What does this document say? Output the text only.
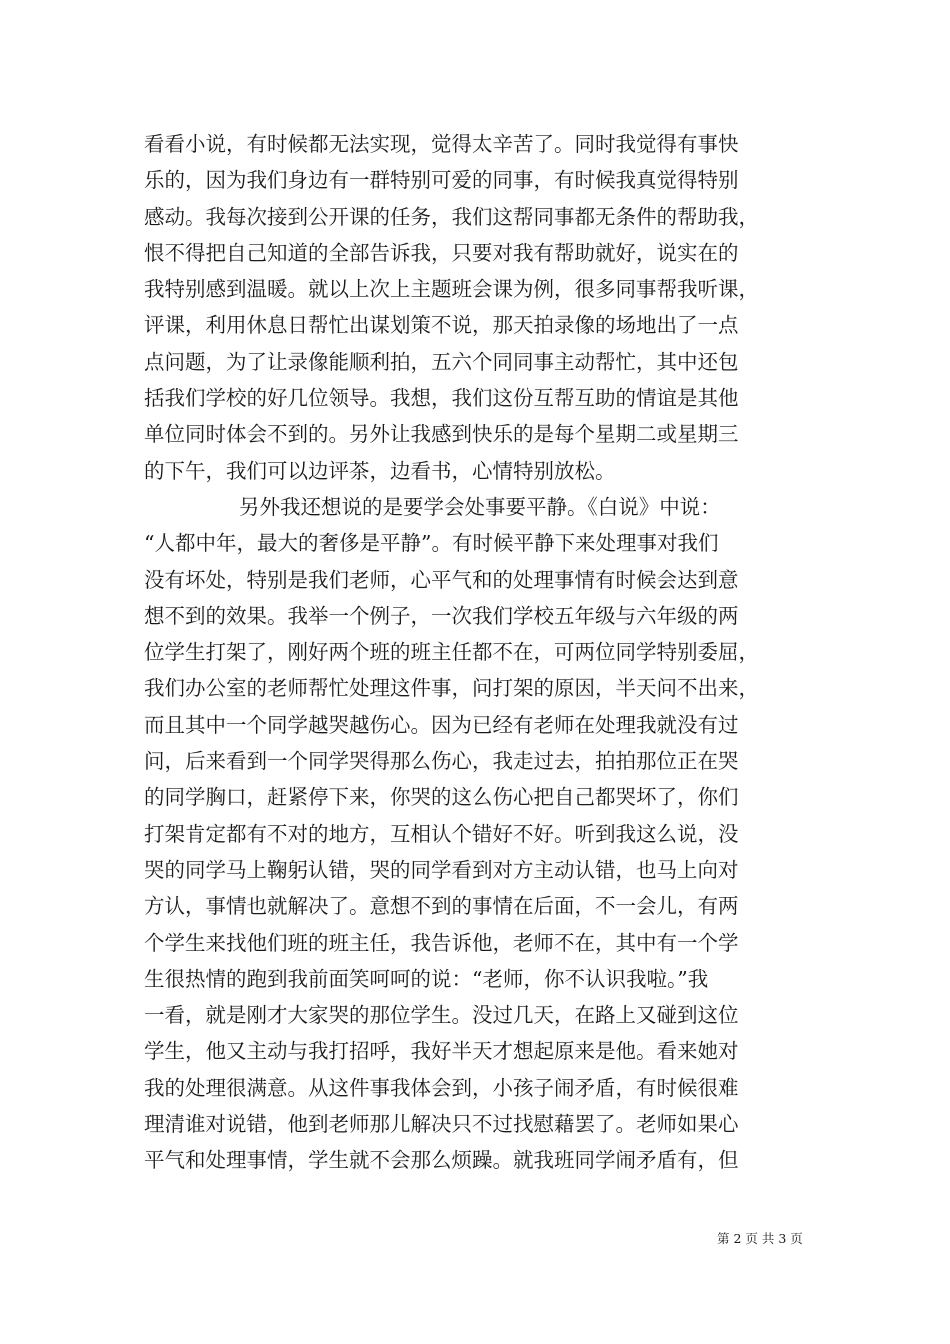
看看小说，有时候都无法实现，觉得太辛苦了。同时我觉得有事快
乐的，因为我们身边有一群特别可爱的同事，有时候我真觉得特别
感动。我每次接到公开课的任务，我们这帮同事都无条件的帮助我，
恨不得把自己知道的全部告诉我，只要对我有帮助就好，说实在的
我特别感到温暖。就以上次上主题班会课为例，很多同事帮我听课，
评课，利用休息日帮忙出谋划策不说，那天拍录像的场地出了一点
点问题，为了让录像能顺利拍，五六个同同事主动帮忙，其中还包
括我们学校的好几位领导。我想，我们这份互帮互助的情谊是其他
单位同时体会不到的。另外让我感到快乐的是每个星期二或星期三
的下午，我们可以边评茶，边看书，心情特别放松。
另外我还想说的是要学会处事要平静。《白说》中说：
“人都中年，最大的奢侈是平静”。有时候平静下来处理事对我们
没有坏处，特别是我们老师，心平气和的处理事情有时候会达到意
想不到的效果。我举一个例子，一次我们学校五年级与六年级的两
位学生打架了，刚好两个班的班主任都不在，可两位同学特别委屈，
我们办公室的老师帮忙处理这件事，问打架的原因，半天问不出来，
而且其中一个同学越哭越伤心。因为已经有老师在处理我就没有过
问，后来看到一个同学哭得那么伤心，我走过去，拍拍那位正在哭
的同学胸口，赶紧停下来，你哭的这么伤心把自己都哭坏了，你们
打架肯定都有不对的地方，互相认个错好不好。听到我这么说，没
哭的同学马上鞠躬认错，哭的同学看到对方主动认错，也马上向对
方认，事情也就解决了。意想不到的事情在后面，不一会儿，有两
个学生来找他们班的班主任，我告诉他，老师不在，其中有一个学
生很热情的跑到我前面笑呵呵的说：“老师，你不认识我啦。”我
一看，就是刚才大家哭的那位学生。没过几天，在路上又碰到这位
学生，他又主动与我打招呼，我好半天才想起原来是他。看来她对
我的处理很满意。从这件事我体会到，小孩子闹矛盾，有时候很难
理清谁对说错，他到老师那儿解决只不过找慰藉罢了。老师如果心
平气和处理事情，学生就不会那么烦躁。就我班同学闹矛盾有，但
第 2 页 共 3 页
